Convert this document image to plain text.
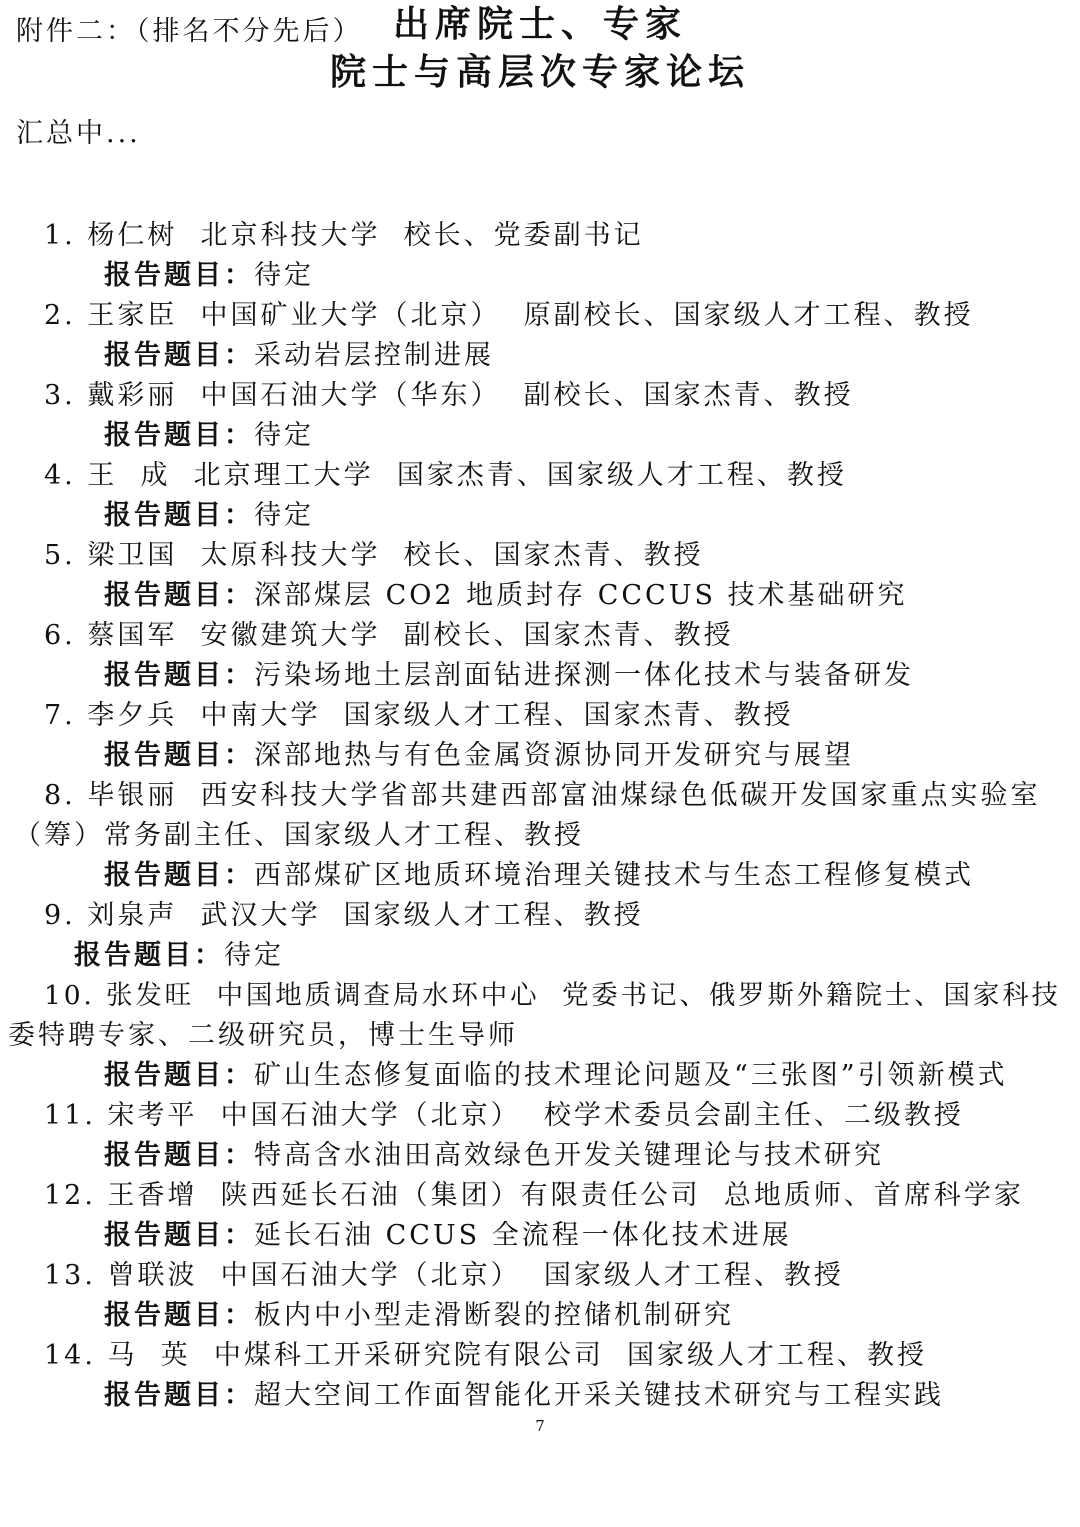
附件二：（排名不分先后） 出席院士、专家
汇总中...
院士与高层次专家论坛
1. 杨仁树  北京科技大学  校长、党委副书记
报告题目：待定
2. 王家臣  中国矿业大学（北京）  原副校长、国家级人才工程、教授
报告题目：采动岩层控制进展
3. 戴彩丽  中国石油大学（华东）  副校长、国家杰青、教授
报告题目：待定
4. 王  成  北京理工大学  国家杰青、国家级人才工程、教授
报告题目：待定
5. 梁卫国  太原科技大学  校长、国家杰青、教授
报告题目：深部煤层 CO2 地质封存 CCCUS 技术基础研究
6. 蔡国军  安徽建筑大学  副校长、国家杰青、教授
报告题目：污染场地土层剖面钻进探测一体化技术与装备研发
7. 李夕兵  中南大学  国家级人才工程、国家杰青、教授
报告题目：深部地热与有色金属资源协同开发研究与展望
8. 毕银丽  西安科技大学省部共建西部富油煤绿色低碳开发国家重点实验室
（筹）常务副主任、国家级人才工程、教授
报告题目：西部煤矿区地质环境治理关键技术与生态工程修复模式
9. 刘泉声  武汉大学  国家级人才工程、教授
报告题目：待定
10. 张发旺  中国地质调查局水环中心  党委书记、俄罗斯外籍院士、国家科技
委特聘专家、二级研究员，博士生导师
报告题目：矿山生态修复面临的技术理论问题及“三张图”引领新模式
11. 宋考平  中国石油大学（北京）  校学术委员会副主任、二级教授
报告题目：特高含水油田高效绿色开发关键理论与技术研究
12. 王香增  陕西延长石油（集团）有限责任公司  总地质师、首席科学家
报告题目：延长石油 CCUS 全流程一体化技术进展
13. 曾联波  中国石油大学（北京）  国家级人才工程、教授
报告题目：板内中小型走滑断裂的控储机制研究
14. 马  英  中煤科工开采研究院有限公司  国家级人才工程、教授
报告题目：超大空间工作面智能化开采关键技术研究与工程实践
7
